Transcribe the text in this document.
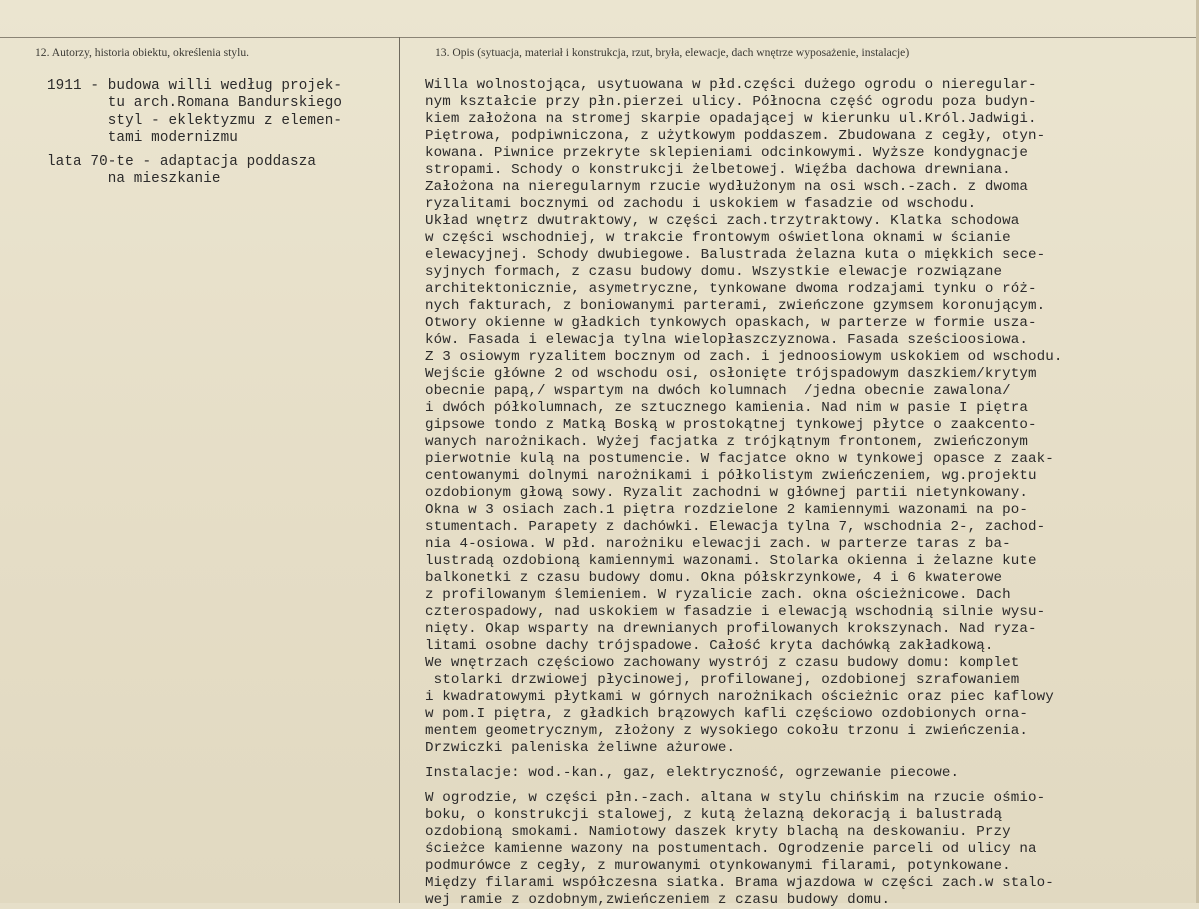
12. Autorzy, historia obiektu, określenia stylu.	13. Opis (sytuacja, materiał i konstrukcja, rzut, bryła, elewacje, dach wnętrze wyposażenie, instalacje)
1911 - budowa willi według projek-
tu arch.Romana Bandurskiego
styl - eklektyzmu z elemen-
tami modernizmu
lata 70-te - adaptacja poddasza
na mieszkanie
Willa wolnostojąca, usytuowana w płd.części dużego ogrodu o nieregular-
nym kształcie przy płn.pierzei ulicy. Północna część ogrodu poza budyn-
kiem założona na stromej skarpie opadającej w kierunku ul.Król.Jadwigi.
Piętrowa, podpiwniczona, z użytkowym poddaszem. Zbudowana z cegły, otyn-
kowana. Piwnice przekryte sklepieniami odcinkowymi. Wyższe kondygnacje
stropami. Schody o konstrukcji żelbetowej. Więźba dachowa drewniana.
Założona na nieregularnym rzucie wydłużonym na osi wsch.-zach. z dwoma
ryzalitami bocznymi od zachodu i uskokiem w fasadzie od wschodu.
Układ wnętrz dwutraktowy, w części zach.trzytraktowy. Klatka schodowa
w części wschodniej, w trakcie frontowym oświetlona oknami w ścianie
elewacyjnej. Schody dwubiegowe. Balustrada żelazna kuta o miękkich sece-
syjnych formach, z czasu budowy domu. Wszystkie elewacje rozwiązane
architektonicznie, asymetryczne, tynkowane dwoma rodzajami tynku o róż-
nych fakturach, z boniowanymi parterami, zwieńczone gzymsem koronującym.
Otwory okienne w gładkich tynkowych opaskach, w parterze w formie uszа-
ków. Fasada i elewacja tylna wielopłaszczyznowa. Fasada sześcioosiowa.
Z 3 osiowym ryzalitem bocznym od zach. i jednoosiowym uskokiem od wschodu.
Wejście główne 2 od wschodu osi, osłonięte trójspadowym daszkiem/krytym
obecnie papą,/ wspartym na dwóch kolumnach  /jedna obecnie zawalona/
i dwóch półkolumnach, ze sztucznego kamienia. Nad nim w pasie I piętra
gipsowe tondo z Matką Boską w prostokątnej tynkowej płytce o zaakcento-
wanych narożnikach. Wyżej facjatka z trójkątnym frontonem, zwieńczonym
pierwotnie kulą na postumencie. W facjatce okno w tynkowej opasce z zaak-
centowanymi dolnymi narożnikami i półkolistym zwieńczeniem, wg.projektu
ozdobionym głową sowy. Ryzalit zachodni w głównej partii nietynkowany.
Okna w 3 osiach zach.1 piętra rozdzielone 2 kamiennymi wazonami na po-
stumentach. Parapety z dachówki. Elewacja tylna 7, wschodnia 2-, zachod-
nia 4-osiowa. W płd. narożniku elewacji zach. w parterze taras z ba-
lustradą ozdobioną kamiennymi wazonami. Stolarka okienna i żelazne kute
balkonetki z czasu budowy domu. Okna półskrzynkowe, 4 i 6 kwaterowe
z profilowanym ślemieniem. W ryzalicie zach. okna ościeżnicowe. Dach
cztеrospadowy, nad uskokiem w fasadzie i elewacją wschodnią silnie wysu-
nięty. Okap wsparty na drewnianych profilowanych krokszynach. Nad ryza-
litami osobne dachy trójspadowe. Całość kryta dachówką zakładkową.
We wnętrzach częściowo zachowany wystrój z czasu budowy domu: komplet
stolarki drzwiowej płycinowej, profilowanej, ozdobionej szrafowaniem
i kwadratowymi płytkami w górnych narożnikach ościeżnic oraz piec kaflowy
w pom.I piętra, z gładkich brązowych kafli częściowo ozdobionych orna-
mentem geometrycznym, złożony z wysokiego cokołu trzonu i zwieńczenia.
Drzwiczki paleniska żeliwne ażurowe.
Instalacje: wod.-kan., gaz, elektryczność, ogrzewanie piecowe.
W ogrodzie, w części płn.-zach. altana w stylu chińskim na rzucie ośmio-
boku, o konstrukcji stalowej, z kutą żelazną dekoracją i balustradą
ozdobioną smokami. Namiotowy daszek kryty blachą na deskowaniu. Przy
ścieżce kamienne wazony na postumentach. Ogrodzenie parceli od ulicy na
podmurówce z cegły, z murowanymi otynkowanymi filarami, potynkowane.
Między filarami współczesna siatka. Brama wjazdowa w części zach.w stalo-
wej ramie z ozdobnym,zwieńczeniem z czasu budowy domu.
